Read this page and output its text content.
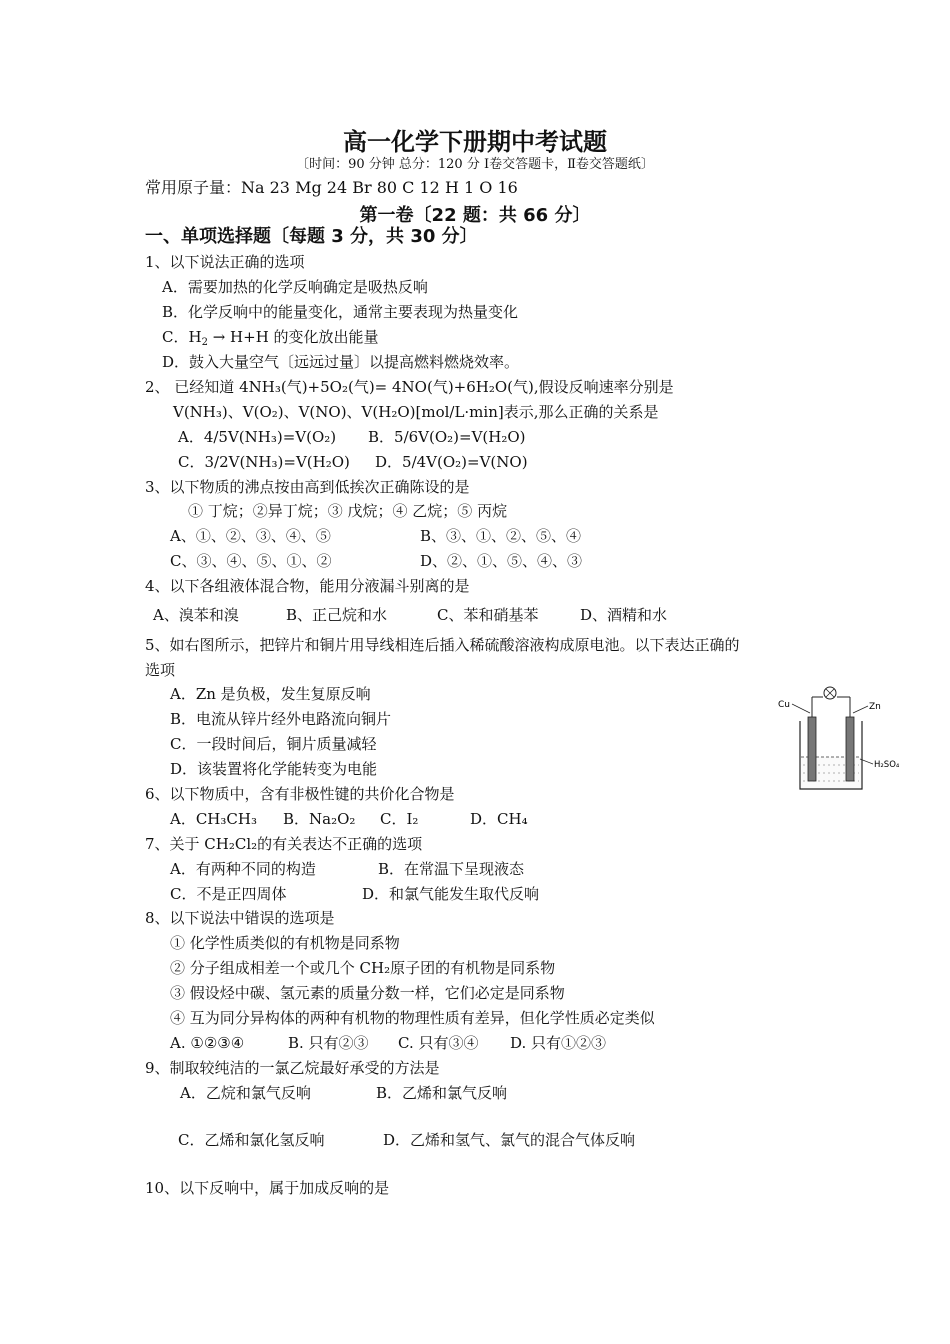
高一化学下册期中考试题
〔时间：90 分钟 总分：120 分 Ⅰ卷交答题卡，Ⅱ卷交答题纸〕
常用原子量：Na 23 Mg 24 Br 80 C 12 H 1 O 16
第一卷〔22 题：共 66 分〕
一、单项选择题〔每题 3 分，共 30 分〕
1、以下说法正确的选项
A．需要加热的化学反响确定是吸热反响
B．化学反响中的能量变化，通常主要表现为热量变化
C．$H_2 \to H+H$ 的变化放出能量
D．鼓入大量空气〔远远过量〕以提高燃料燃烧效率。
2、 已经知道 4NH₃(气)+5O₂(气)= 4NO(气)+6H₂O(气),假设反响速率分别是
V(NH₃)、V(O₂)、V(NO)、V(H₂O)[mol/L·min]表示,那么正确的关系是
A．4/5V(NH₃)=V(O₂) B．5/6V(O₂)=V(H₂O)
C．3/2V(NH₃)=V(H₂O) D．5/4V(O₂)=V(NO)
3、以下物质的沸点按由高到低挨次正确陈设的是
① 丁烷；②异丁烷；③ 戊烷；④ 乙烷；⑤ 丙烷
A、①、②、③、④、⑤	B、③、①、②、⑤、④
C、③、④、⑤、①、②	D、②、①、⑤、④、③
4、以下各组液体混合物，能用分液漏斗别离的是
A、溴苯和溴	B、正己烷和水	C、苯和硝基苯	D、酒精和水
5、如右图所示，把锌片和铜片用导线相连后插入稀硫酸溶液构成原电池。以下表达正确的
选项
A．Zn 是负极，发生复原反响
B．电流从锌片经外电路流向铜片
C．一段时间后，铜片质量减轻
D．该装置将化学能转变为电能
Cu	Zn
H₂SO₄
6、以下物质中，含有非极性键的共价化合物是
A．CH₃CH₃ B．Na₂O₂ C．I₂	D．CH₄
7、关于 CH₂Cl₂的有关表达不正确的选项
A．有两种不同的构造	B．在常温下呈现液态
C．不是正四周体	D．和氯气能发生取代反响
8、以下说法中错误的选项是
① 化学性质类似的有机物是同系物
② 分子组成相差一个或几个 CH₂原子团的有机物是同系物
③ 假设烃中碳、氢元素的质量分数一样，它们必定是同系物
④ 互为同分异构体的两种有机物的物理性质有差异，但化学性质必定类似
A. ①②③④	B. 只有②③ C. 只有③④ D. 只有①②③
9、制取较纯洁的一氯乙烷最好承受的方法是
A．乙烷和氯气反响	B．乙烯和氯气反响
C．乙烯和氯化氢反响	D．乙烯和氢气、氯气的混合气体反响
10、以下反响中，属于加成反响的是
